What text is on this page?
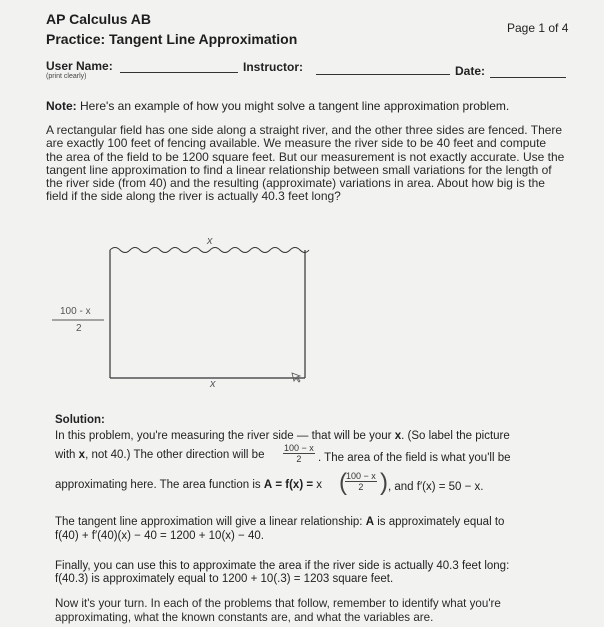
AP Calculus AB
Practice: Tangent Line Approximation
Page 1 of 4
User Name:
(print clearly)
Instructor:	Date:
Note: Here's an example of how you might solve a tangent line approximation problem.
A rectangular field has one side along a straight river, and the other three sides are fenced. There are exactly 100 feet of fencing available. We measure the river side to be 40 feet and compute the area of the field to be 1200 square feet. But our measurement is not exactly accurate. Use the tangent line approximation to find a linear relationship between small variations for the length of the river side (from 40) and the resulting (approximate) variations in area. About how big is the field if the side along the river is actually 40.3 feet long?
x
x
100 - x
2
Solution:
In this problem, you're measuring the river side — that will be your x. (So label the picture
with x, not 40.) The other direction will be $\frac{100 - x}{2}$ . The area of the field is what you'll be
approximating here. The area function is A = f(x) = x (
$\frac{100 - x}{2}$ ) , and f′(x) = 50 − x.
The tangent line approximation will give a linear relationship: A is approximately equal to
f(40) + f′(40)(x) − 40 = 1200 + 10(x) − 40.
Finally, you can use this to approximate the area if the river side is actually 40.3 feet long:
f(40.3) is approximately equal to 1200 + 10(.3) = 1203 square feet.
Now it's your turn. In each of the problems that follow, remember to identify what you're approximating, what the known constants are, and what the variables are.
